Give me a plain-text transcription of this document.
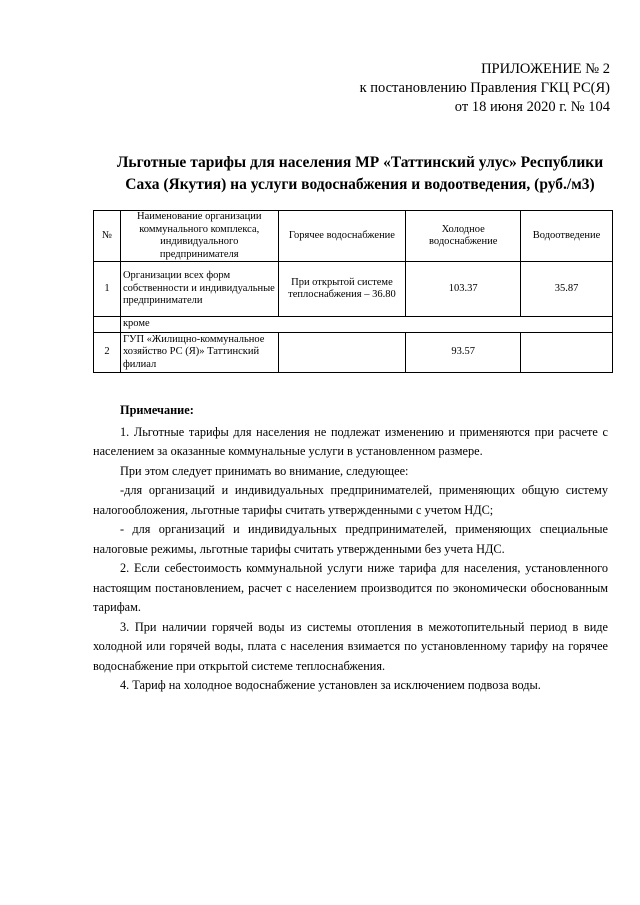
ПРИЛОЖЕНИЕ № 2
к постановлению Правления ГКЦ РС(Я)
от 18 июня 2020 г. № 104
Льготные тарифы для населения МР «Таттинский улус» Республики
Саха (Якутия) на услуги водоснабжения и водоотведения, (руб./м3)
№	Наименование организации коммунального комплекса, индивидуального предпринимателя	Горячее водоснабжение	Холодное водоснабжение	Водоотведение
1	Организации всех форм собственности и индивидуальные предприниматели	При открытой системе теплоснабжения – 36.80	103.37	35.87
	кроме			
2	ГУП «Жилищно-коммунальное хозяйство РС (Я)» Таттинский филиал		93.57	

Примечание:

1. Льготные тарифы для населения не подлежат изменению и применяются при расчете с населением за оказанные коммунальные услуги в установленном размере.

При этом следует принимать во внимание, следующее:

-для организаций и индивидуальных предпринимателей, применяющих общую систему налогообложения, льготные тарифы считать утвержденными с учетом НДС;

- для организаций и индивидуальных предпринимателей, применяющих специальные налоговые режимы, льготные тарифы считать утвержденными без учета НДС.

2. Если себестоимость коммунальной услуги ниже тарифа для населения, установленного настоящим постановлением, расчет с населением производится по экономически обоснованным тарифам.

3. При наличии горячей воды из системы отопления в межотопительный период в виде холодной или горячей воды, плата с населения взимается по установленному тарифу на горячее водоснабжение при открытой системе теплоснабжения.

4. Тариф на холодное водоснабжение установлен за исключением подвоза воды.
